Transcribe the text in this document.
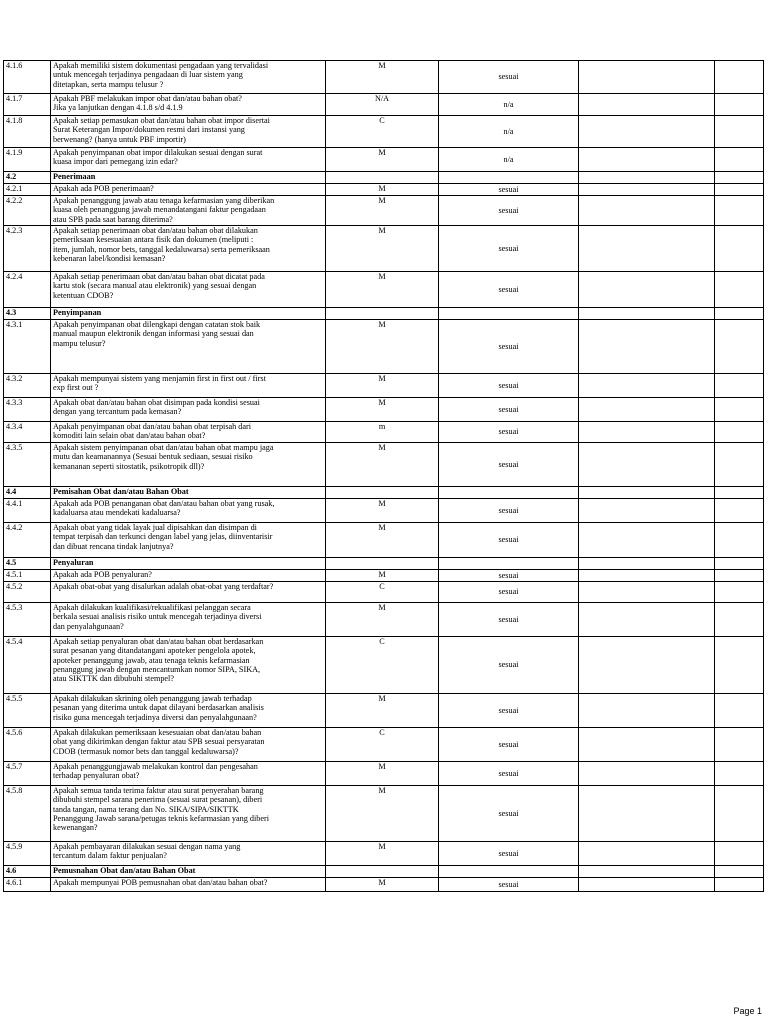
4.1.6	Apakah memiliki sistem dokumentasi pengadaan yang tervalidasi
untuk mencegah terjadinya pengadaan di luar sistem yang
ditetapkan, serta mampu telusur ?	M	sesuai		
4.1.7	Apakah PBF melakukan impor obat dan/atau bahan obat?
Jika ya lanjutkan dengan 4.1.8 s/d 4.1.9	N/A	n/a		
4.1.8	Apakah setiap pemasukan obat dan/atau bahan obat impor disertai
Surat Keterangan Impor/dokumen resmi dari instansi yang
berwenang? (hanya untuk PBF importir)	C	n/a		
4.1.9	Apakah penyimpanan obat impor dilakukan sesuai dengan surat
kuasa impor dari pemegang izin edar?	M	n/a		
4.2	Penerimaan				
4.2.1	Apakah ada POB penerimaan?	M	sesuai		
4.2.2	Apakah penanggung jawab atau tenaga kefarmasian yang diberikan
kuasa oleh penanggung jawab menandatangani faktur pengadaan
atau SPB pada saat barang diterima?	M	sesuai		
4.2.3	Apakah setiap penerimaan obat dan/atau bahan obat dilakukan
pemeriksaan kesesuaian antara fisik dan dokumen (meliputi :
item, jumlah, nomor bets, tanggal kedaluwarsa) serta pemeriksaan
kebenaran label/kondisi kemasan?	M	sesuai		
4.2.4	Apakah setiap penerimaan obat dan/atau bahan obat dicatat pada
kartu stok (secara manual atau elektronik) yang sesuai dengan
ketentuan CDOB?	M	sesuai		
4.3	Penyimpanan				
4.3.1	Apakah penyimpanan obat dilengkapi dengan catatan stok baik
manual maupun elektronik dengan informasi yang sesuai dan
mampu telusur?	M	sesuai		
4.3.2	Apakah mempunyai sistem yang menjamin first in first out / first
exp first out ?	M	sesuai		
4.3.3	Apakah obat dan/atau bahan obat disimpan pada kondisi sesuai
dengan yang tercantum pada kemasan?	M	sesuai		
4.3.4	Apakah penyimpanan obat dan/atau bahan obat terpisah dari
komoditi lain selain obat dan/atau bahan obat?	m	sesuai		
4.3.5	Apakah sistem penyimpanan obat dan/atau bahan obat mampu jaga
mutu dan keamanannya (Sesuai bentuk sediaan, sesuai risiko
kemananan seperti sitostatik, psikotropik dll)?	M	sesuai		
4.4	Pemisahan Obat dan/atau Bahan Obat				
4.4.1	Apakah ada POB penanganan obat dan/atau bahan obat yang rusak,
kadaluarsa atau mendekati kadaluarsa?	M	sesuai		
4.4.2	Apakah obat yang tidak layak jual dipisahkan dan disimpan di
tempat terpisah dan terkunci dengan label yang jelas, diinventarisir
dan dibuat rencana tindak lanjutnya?	M	sesuai		
4.5	Penyaluran				
4.5.1	Apakah ada POB penyaluran?	M	sesuai		
4.5.2	Apakah obat-obat yang disalurkan adalah obat-obat yang terdaftar?	C	sesuai		
4.5.3	Apakah dilakukan kualifikasi/rekualifikasi pelanggan secara
berkala sesuai analisis risiko untuk mencegah terjadinya diversi
dan penyalahgunaan?	M	sesuai		
4.5.4	Apakah setiap penyaluran obat dan/atau bahan obat berdasarkan
surat pesanan yang ditandatangani apoteker pengelola apotek,
apoteker penanggung jawab, atau tenaga teknis kefarmasian
penanggung jawab dengan mencantumkan nomor SIPA, SIKA,
atau SIKTTK dan dibubuhi stempel?	C	sesuai		
4.5.5	Apakah dilakukan skrining oleh penanggung jawab terhadap
pesanan yang diterima untuk dapat dilayani berdasarkan analisis
risiko guna mencegah terjadinya diversi dan penyalahgunaan?	M	sesuai		
4.5.6	Apakah dilakukan pemeriksaan kesesuaian obat dan/atau bahan
obat yang dikirimkan dengan faktur atau SPB sesuai persyaratan
CDOB (termasuk nomor bets dan tanggal kedaluwarsa)?	C	sesuai		
4.5.7	Apakah penanggungjawab melakukan kontrol dan pengesahan
terhadap penyaluran obat?	M	sesuai		
4.5.8	Apakah semua tanda terima faktur atau surat penyerahan barang
dibubuhi stempel sarana penerima (sesuai surat pesanan), diberi
tanda tangan, nama terang dan No. SIKA/SIPA/SIKTTK
Penanggung Jawab sarana/petugas teknis kefarmasian yang diberi
kewenangan?	M	sesuai		
4.5.9	Apakah pembayaran dilakukan sesuai dengan nama yang
tercantum dalam faktur penjualan?	M	sesuai		
4.6	Pemusnahan Obat dan/atau Bahan Obat				
4.6.1	Apakah mempunyai POB pemusnahan obat dan/atau bahan obat?	M	sesuai		
Page 1
